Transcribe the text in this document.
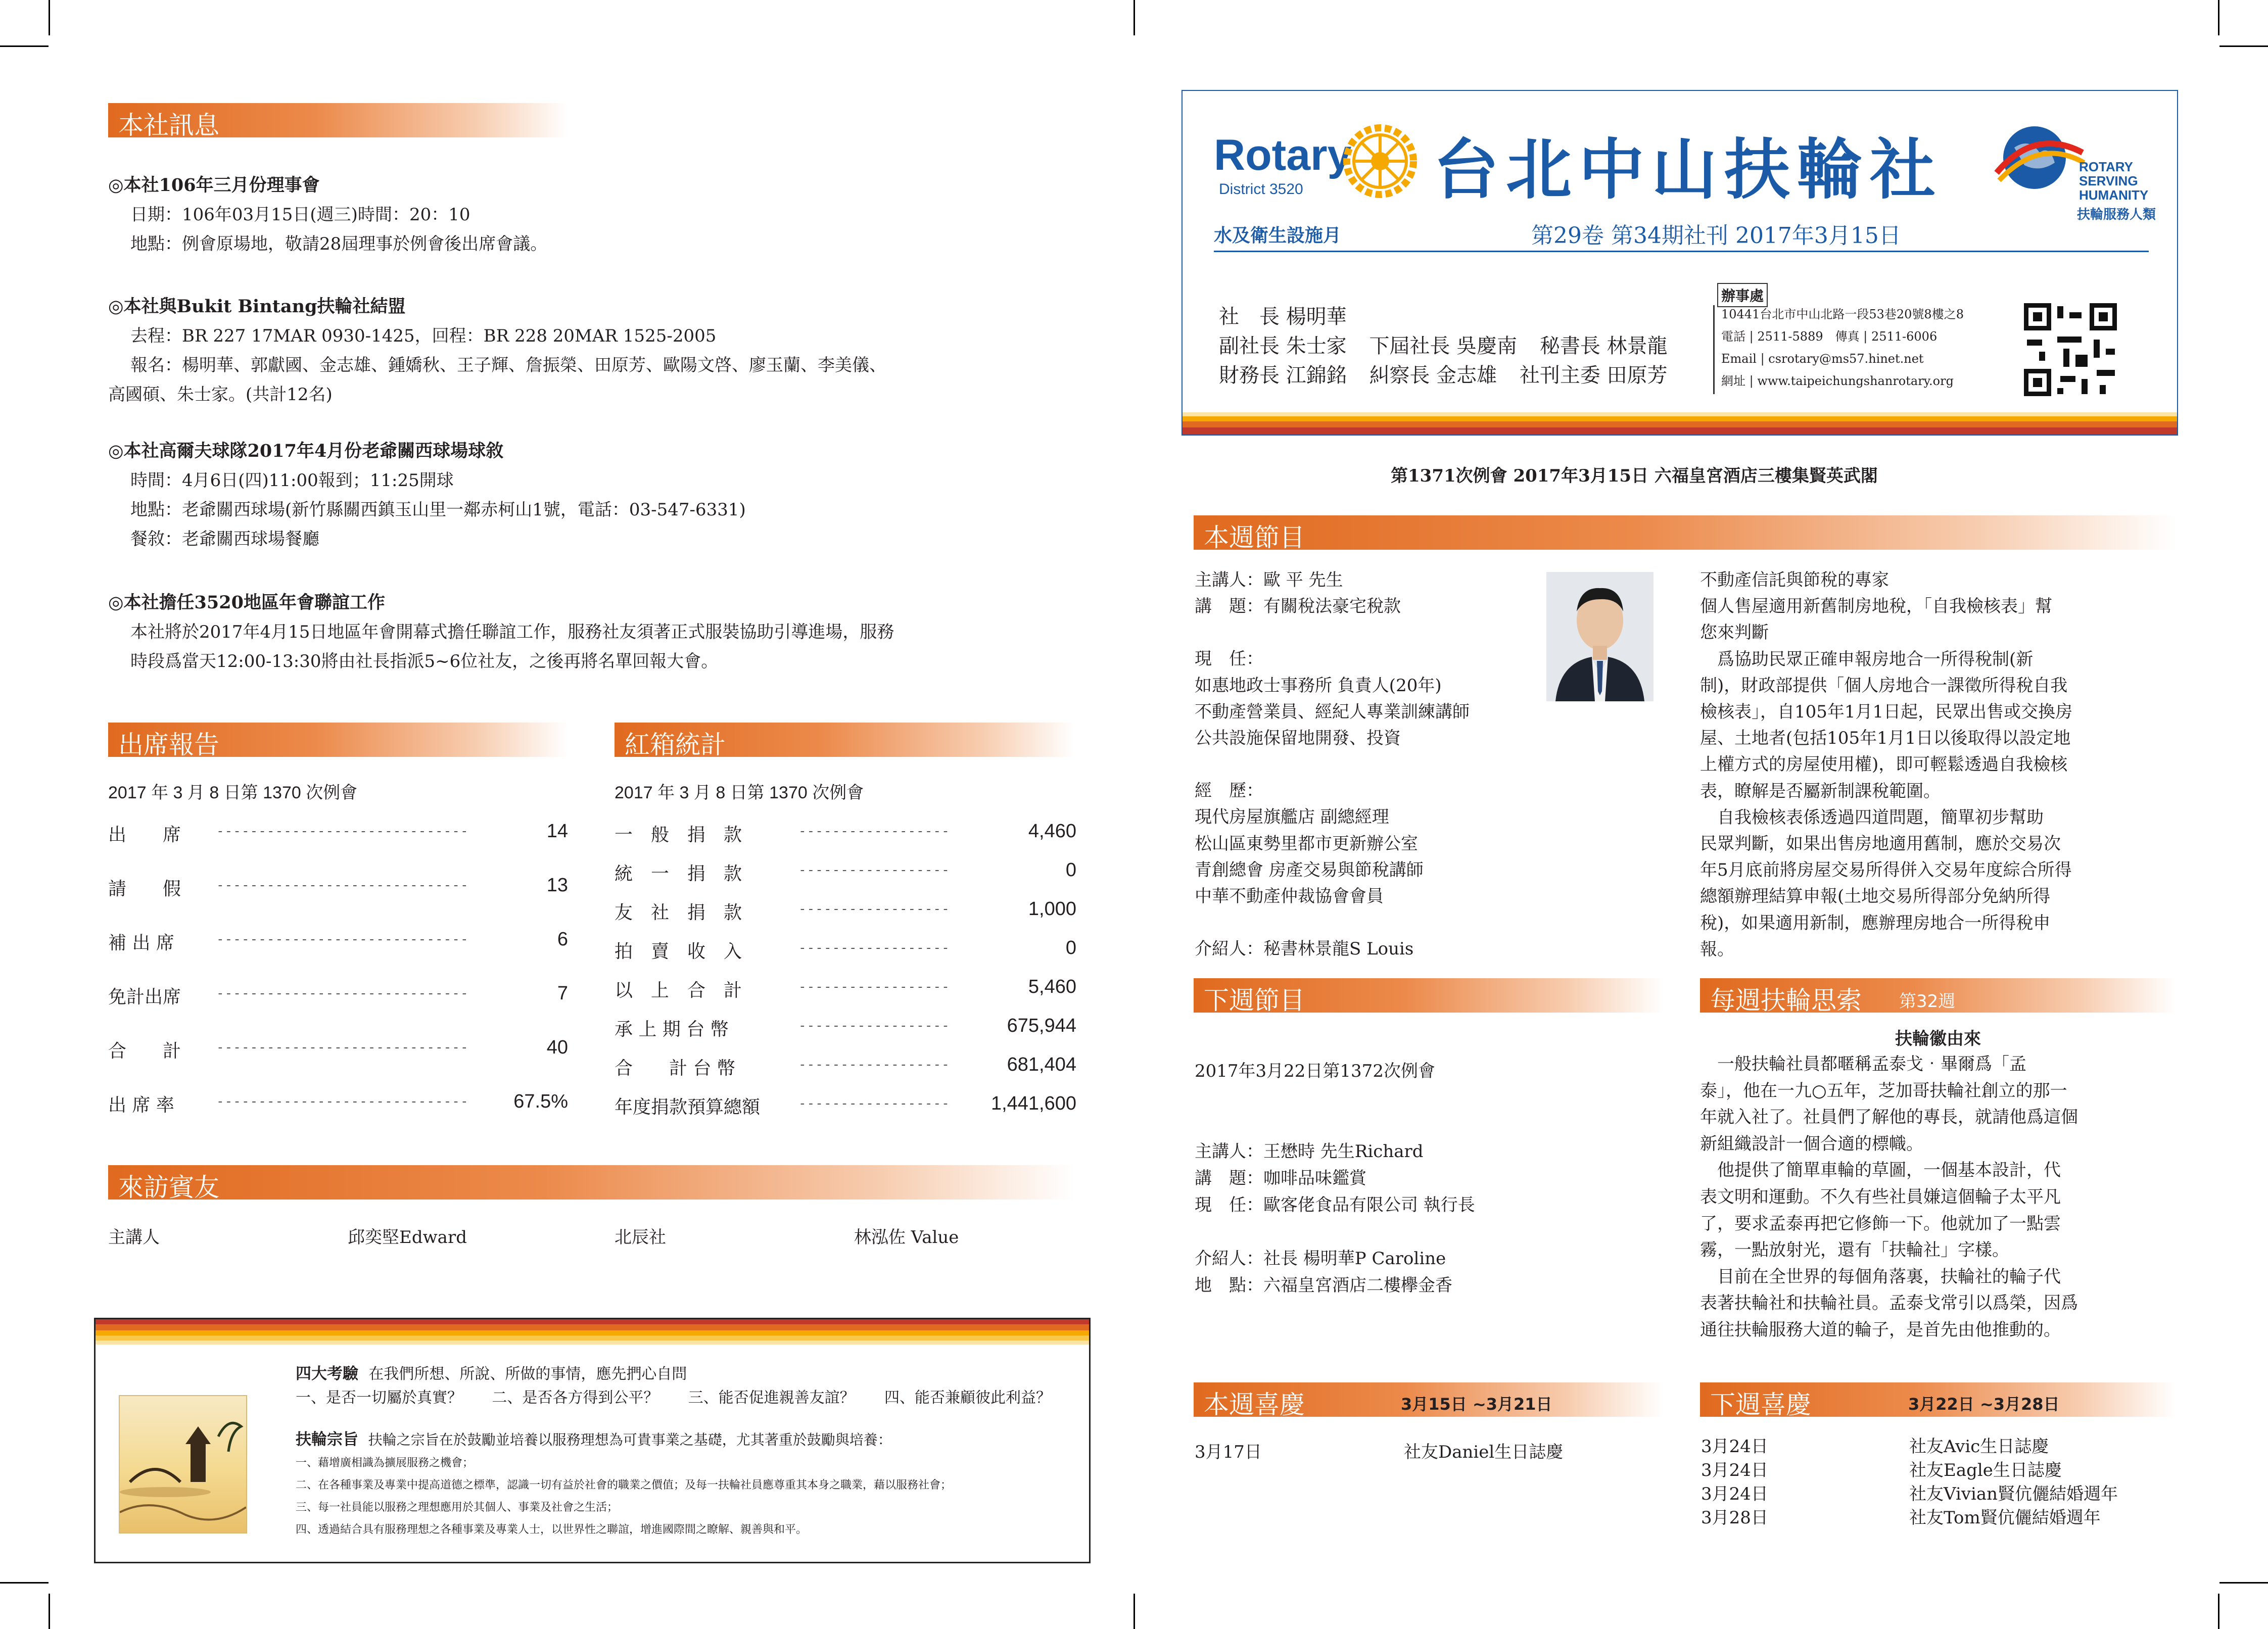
本社訊息

◎本社106年三月份理事會

日期：106年03月15日(週三)時間：20：10

地點：例會原場地，敬請28屆理事於例會後出席會議。

◎本社與Bukit Bintang扶輪社結盟

去程：BR 227 17MAR 0930-1425，回程：BR 228 20MAR 1525-2005

報名：楊明華、郭獻國、金志雄、鍾嬌秋、王子輝、詹振榮、田原芳、歐陽文啓、廖玉蘭、李美儀、

高國碩、朱士家。(共計12名)

◎本社高爾夫球隊2017年4月份老爺關西球場球敘

時間：4月6日(四)11:00報到；11:25開球

地點：老爺關西球場(新竹縣關西鎮玉山里一鄰赤柯山1號，電話：03-547-6331)

餐敘：老爺關西球場餐廳

◎本社擔任3520地區年會聯誼工作

本社將於2017年4月15日地區年會開幕式擔任聯誼工作，服務社友須著正式服裝協助引導進場，服務

時段爲當天12:00-13:30將由社長指派5~6位社友，之後再將名單回報大會。

出席報告
2017 年 3 月 8 日第 1370 次例會
出　　席	------------------------------	14
請　　假	------------------------------	13
補 出 席	------------------------------	6
免計出席	------------------------------	7
合　　計	------------------------------	40
出 席 率	------------------------------ 67.5%
紅箱統計
2017 年 3 月 8 日第 1370 次例會
一　般　捐　款	------------------	4,460
統　一　捐　款	------------------	0
友　社　捐　款	------------------	1,000
拍　賣　收　入	------------------	0
以　上　合　計	------------------	5,460
承 上 期 台 幣	------------------	675,944
合　　計 台 幣	------------------	681,404
年度捐款預算總額	------------------ 1,441,600
來訪賓友
主講人	邱奕堅Edward	北辰社	林泓佐 Value
四大考驗 在我們所想、所說、所做的事情，應先捫心自問
一、是否一切屬於真實？ 二、是否各方得到公平？ 三、能否促進親善友誼？ 四、能否兼顧彼此利益？
扶輪宗旨 扶輪之宗旨在於鼓勵並培養以服務理想為可貴事業之基礎，尤其著重於鼓勵與培養：
一、藉增廣相識為擴展服務之機會；
二、在各種事業及專業中提高道德之標準，認識一切有益於社會的職業之價值；及每一扶輪社員應尊重其本身之職業，藉以服務社會；
三、每一社員能以服務之理想應用於其個人、事業及社會之生活；
四、透過結合具有服務理想之各種事業及專業人士，以世界性之聯誼，增進國際間之瞭解、親善與和平。
Rotary
District 3520 台北中山扶輪社	ROTARY
SERVING
HUMANITY
扶輪服務人類
水及衛生設施月	第29卷 第34期社刊 2017年3月15日
社　長 楊明華
副社長 朱士家 下屆社長 吳慶南 秘書長 林景龍
財務長 江錦銘 糾察長 金志雄 社刊主委 田原芳
辦事處
10441台北市中山北路一段53巷20號8樓之8
電話 | 2511-5889　傳真 | 2511-6006
Email | csrotary@ms57.hinet.net
網址 | www.taipeichungshanrotary.org
第1371次例會 2017年3月15日 六福皇宮酒店三樓集賢英武閣
本週節目
主講人：歐 平 先生
講　題：有關稅法豪宅稅款
現　任：
如惠地政士事務所 負責人(20年)
不動產營業員、經紀人專業訓練講師
公共設施保留地開發、投資
經　歷：
現代房屋旗艦店 副總經理
松山區東勢里都市更新辦公室
青創總會 房產交易與節稅講師
中華不動產仲裁協會會員
介紹人：秘書林景龍S Louis
不動產信託與節稅的專家
個人售屋適用新舊制房地稅，「自我檢核表」幫
您來判斷
　爲協助民眾正確申報房地合一所得稅制(新
制)，財政部提供「個人房地合一課徵所得稅自我
檢核表」，自105年1月1日起，民眾出售或交換房
屋、土地者(包括105年1月1日以後取得以設定地
上權方式的房屋使用權)，即可輕鬆透過自我檢核
表，瞭解是否屬新制課稅範圍。
　自我檢核表係透過四道問題，簡單初步幫助
民眾判斷，如果出售房地適用舊制，應於交易次
年5月底前將房屋交易所得併入交易年度綜合所得
總額辦理結算申報(土地交易所得部分免納所得
稅)，如果適用新制，應辦理房地合一所得稅申
報。
下週節目
2017年3月22日第1372次例會
主講人：王懋時 先生Richard
講　題：咖啡品味鑑賞
現　任：歐客佬食品有限公司 執行長
介紹人：社長 楊明華P Caroline
地　點：六福皇宮酒店二樓欅金香
每週扶輪思索 第32週
扶輪徽由來
　一般扶輪社員都暱稱孟泰戈‧畢爾爲「孟
泰」，他在一九○五年，芝加哥扶輪社創立的那一
年就入社了。社員們了解他的專長，就請他爲這個
新組織設計一個合適的標幟。
　他提供了簡單車輪的草圖，一個基本設計，代
表文明和運動。不久有些社員嫌這個輪子太平凡
了，要求孟泰再把它修飾一下。他就加了一點雲
霧，一點放射光，還有「扶輪社」字樣。
　目前在全世界的每個角落裏，扶輪社的輪子代
表著扶輪社和扶輪社員。孟泰戈常引以爲榮，因爲
通往扶輪服務大道的輪子，是首先由他推動的。
本週喜慶	3月15日 ~3月21日
3月17日	社友Daniel生日誌慶
下週喜慶	3月22日 ~3月28日
3月24日	社友Avic生日誌慶
3月24日	社友Eagle生日誌慶
3月24日	社友Vivian賢伉儷結婚週年
3月28日	社友Tom賢伉儷結婚週年
